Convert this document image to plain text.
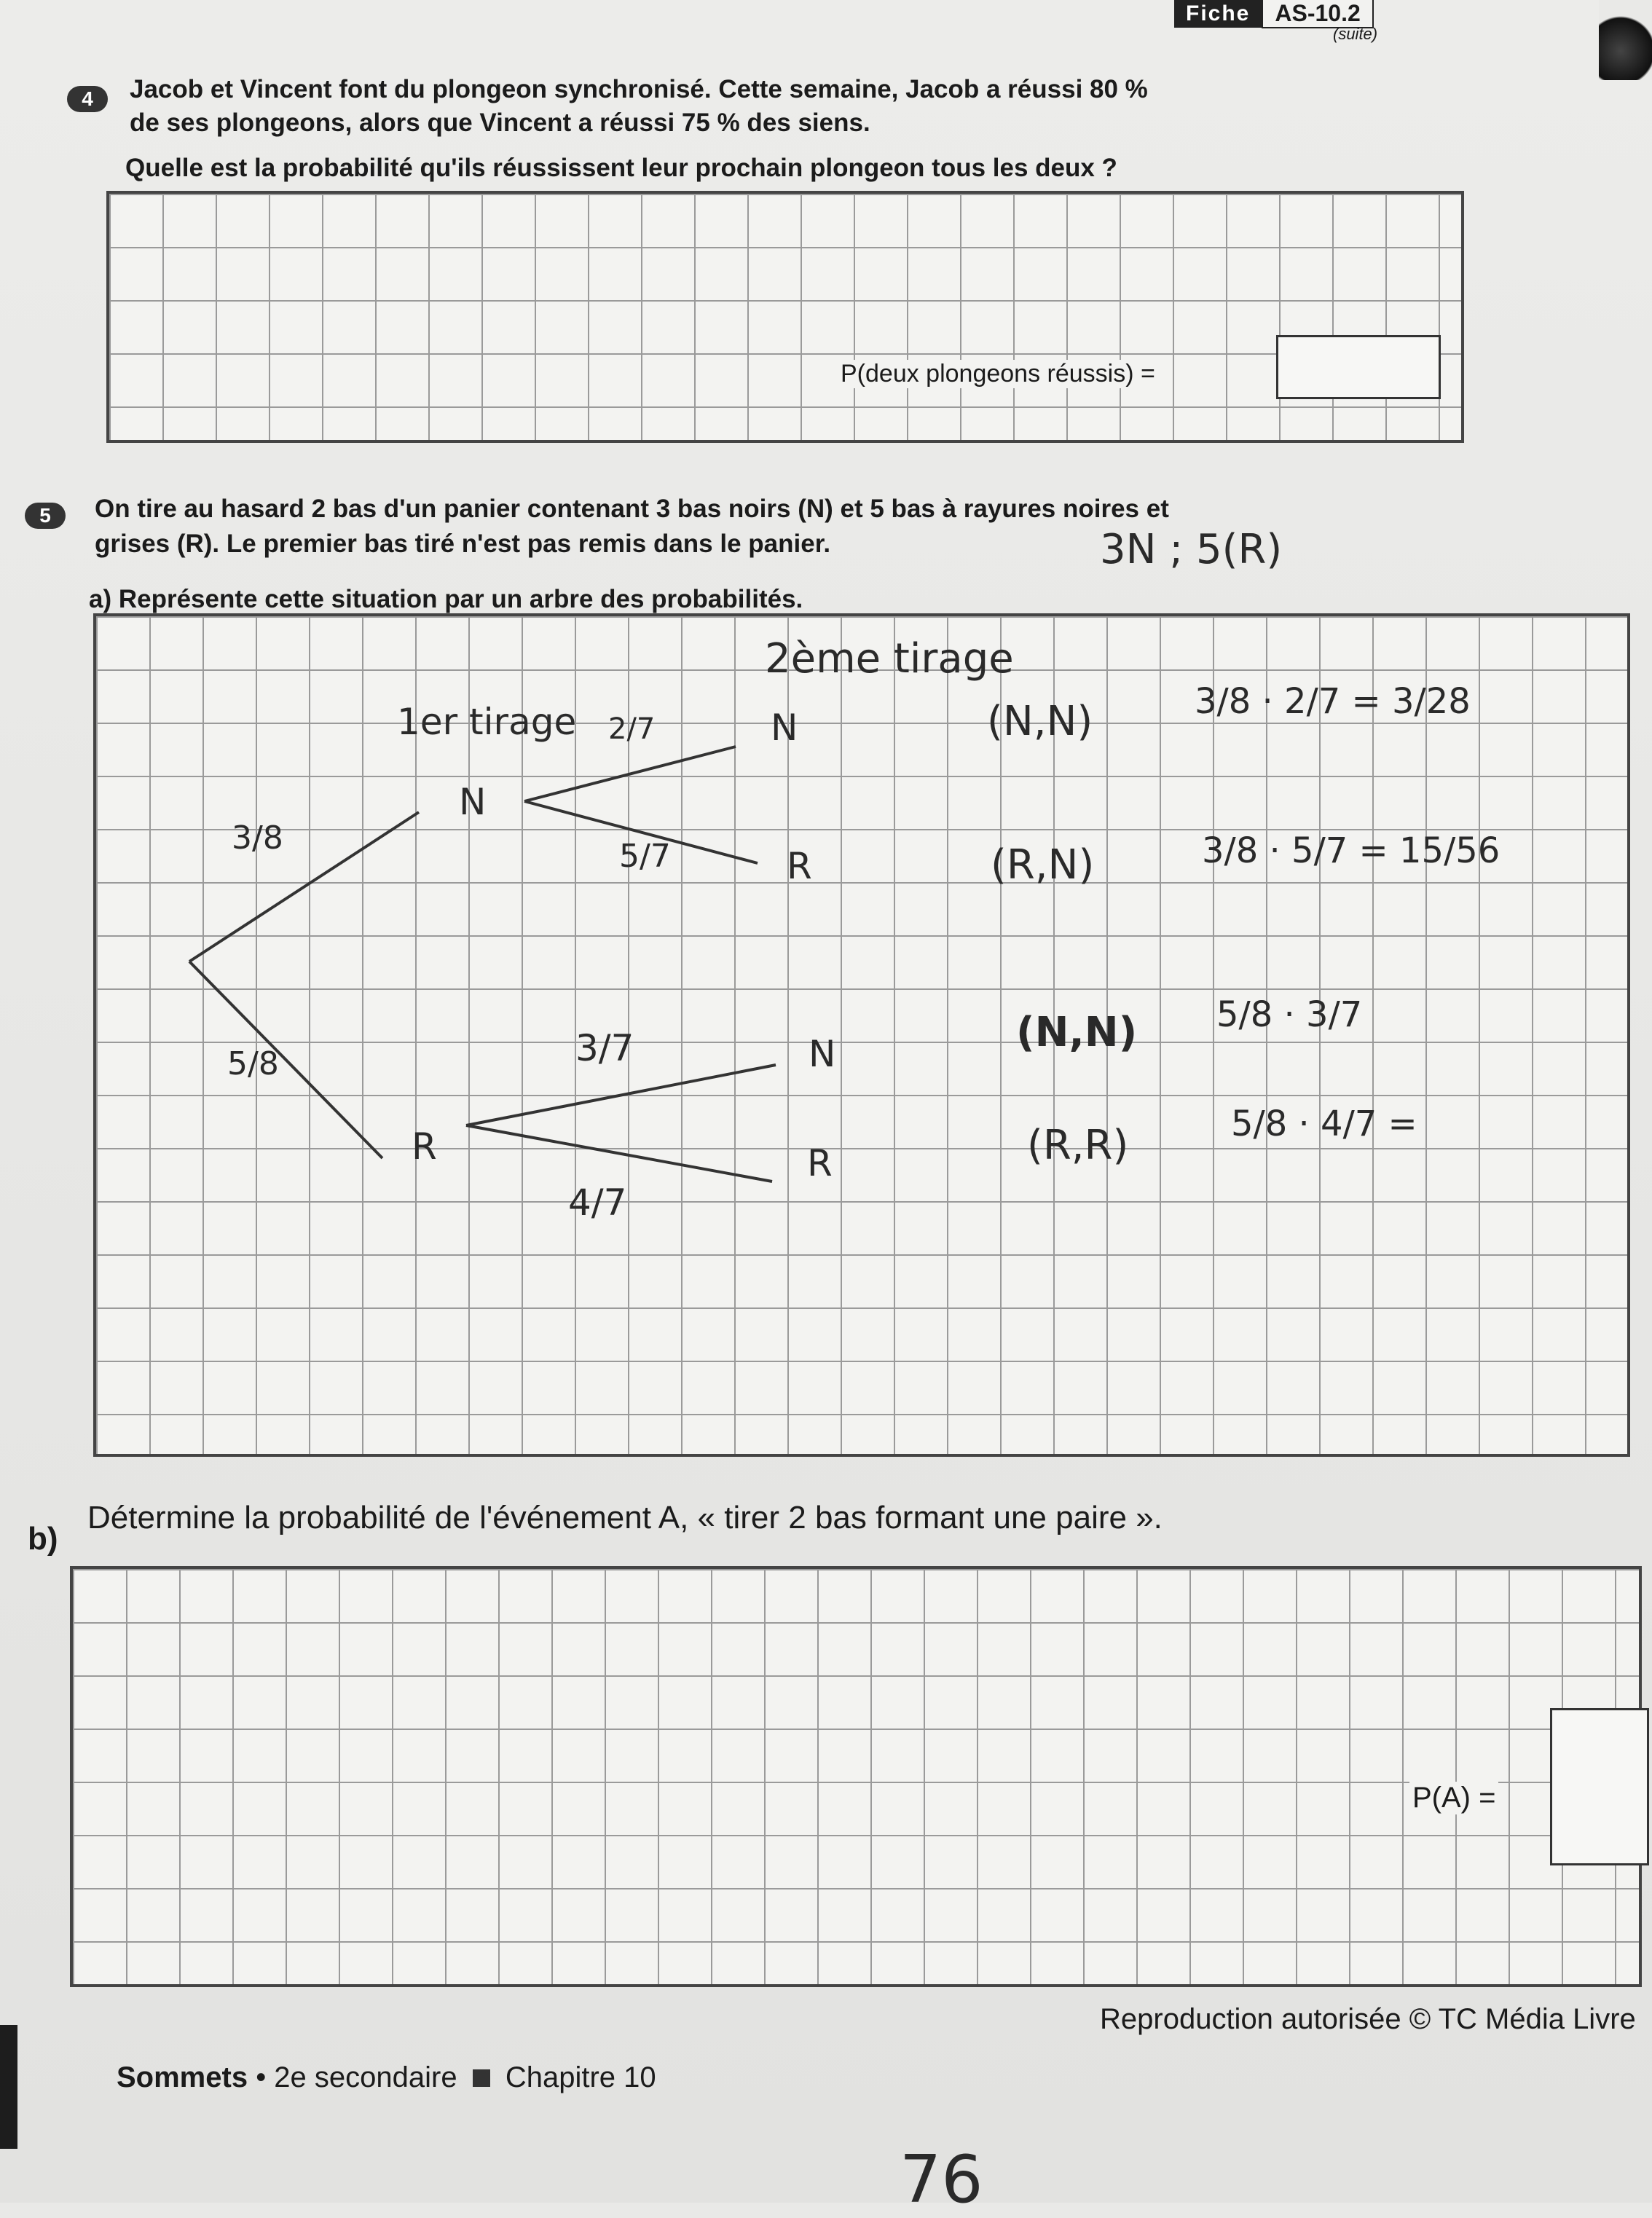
Fiche	AS-10.2
(suite)
4	Jacob et Vincent font du plongeon synchronisé. Cette semaine, Jacob a réussi 80 %
de ses plongeons, alors que Vincent a réussi 75 % des siens.
Quelle est la probabilité qu'ils réussissent leur prochain plongeon tous les deux ?
P(deux plongeons réussis) =
5	On tire au hasard 2 bas d'un panier contenant 3 bas noirs (N) et 5 bas à rayures noires et
grises (R). Le premier bas tiré n'est pas remis dans le panier.	3N ; 5(R)
a) Représente cette situation par un arbre des probabilités.
2ème tirage
1er tirage
3/8
5/8
N
R
2/7
5/7
3/7
4/7
N
R
N
R
(N,N)
(R,N)
(N,N)
(R,R)
3/8 · 2/7 = 3/28
3/8 · 5/7 = 15/56
5/8 · 3/7
5/8 · 4/7 =
b)
Détermine la probabilité de l'événement A, « tirer 2 bas formant une paire ».
P(A) =
Sommets • 2e secondaire Chapitre 10
Reproduction autorisée © TC Média Livre
76
